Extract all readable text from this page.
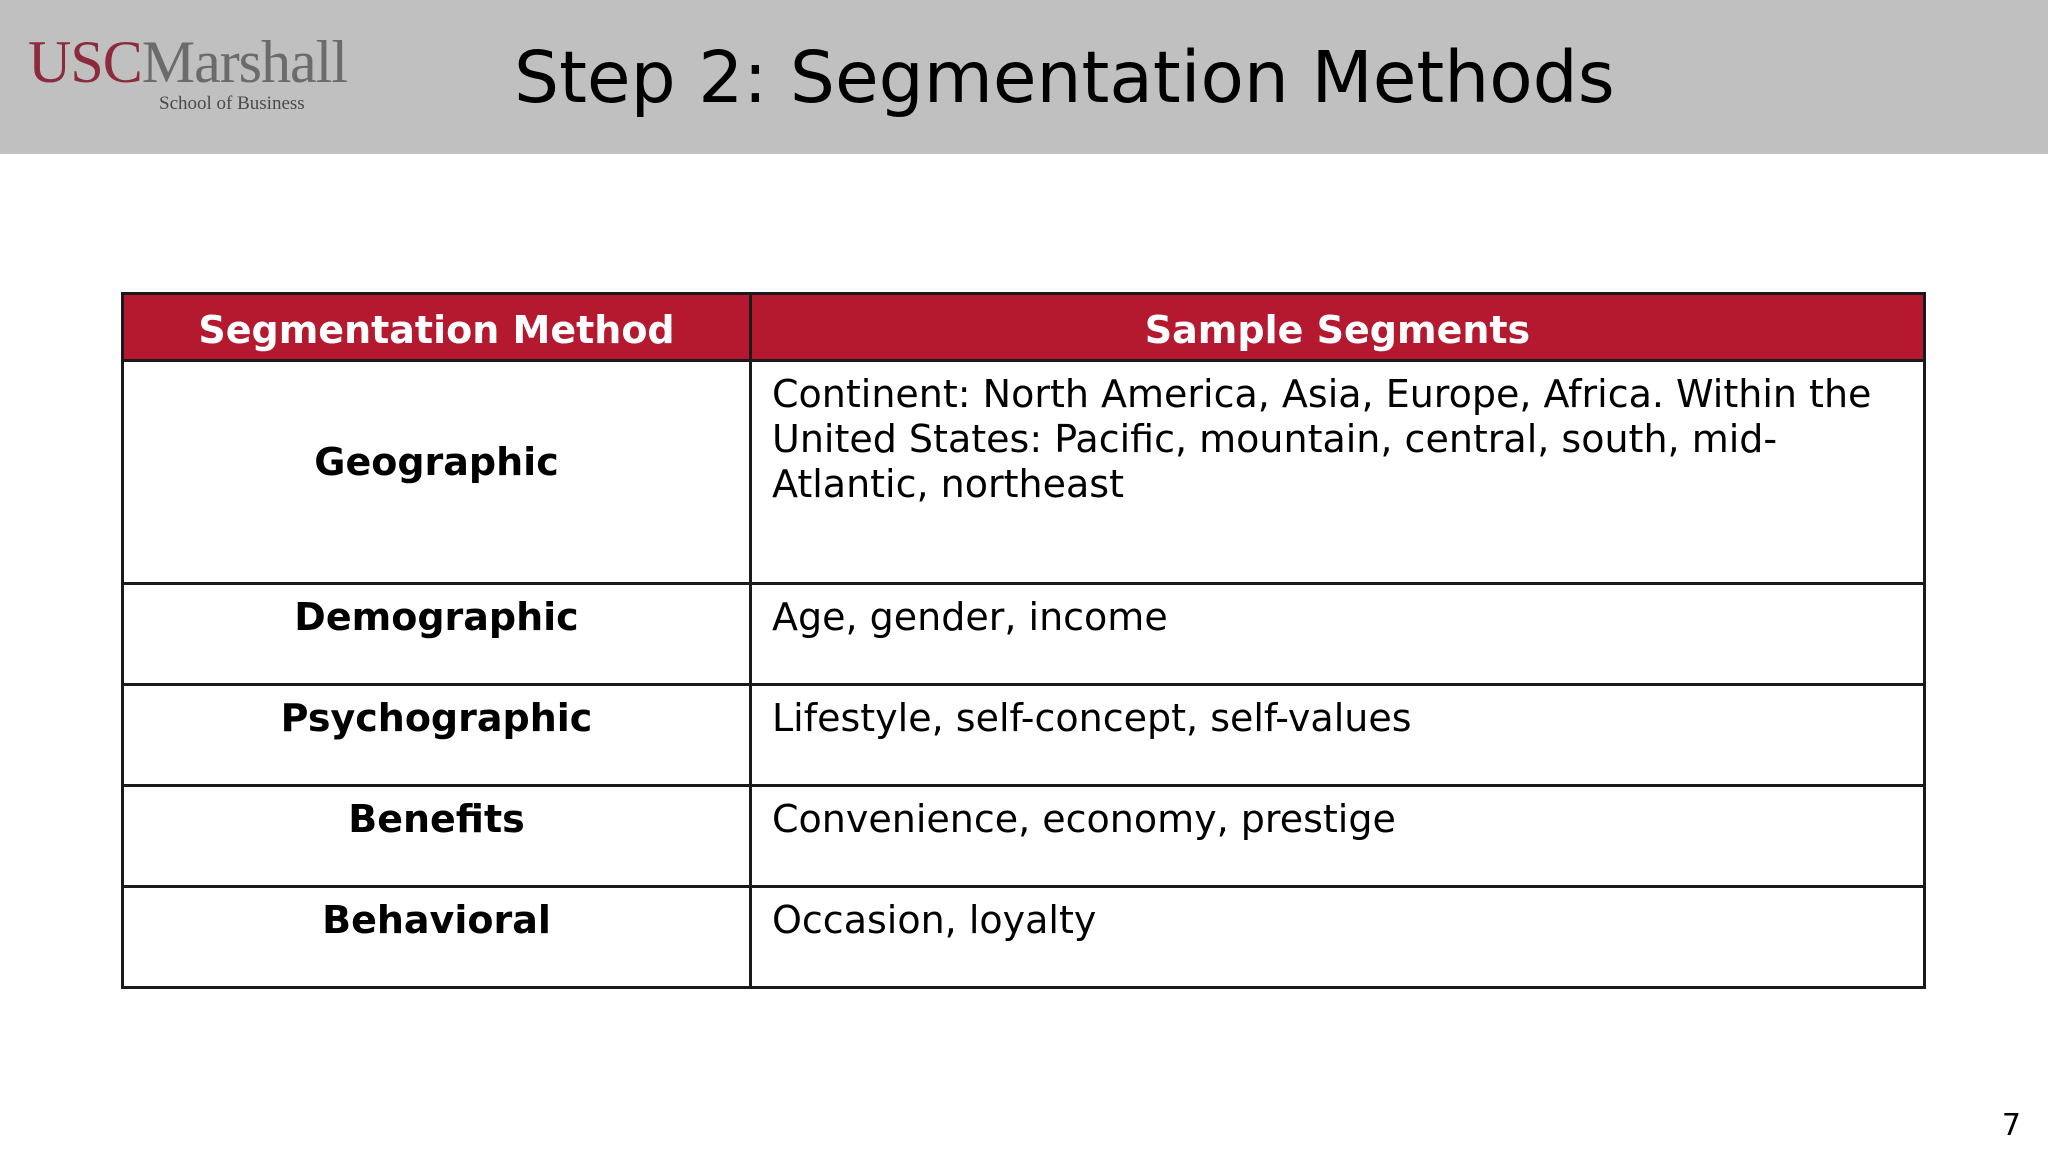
USCMarshall
School of Business	Step 2: Segmentation Methods
Segmentation Method	Sample Segments
Geographic	Continent: North America, Asia, Europe, Africa. Within the United States: Pacific, mountain, central, south, mid-Atlantic, northeast
Demographic	Age, gender, income
Psychographic	Lifestyle, self-concept, self-values
Benefits	Convenience, economy, prestige
Behavioral	Occasion, loyalty
7
